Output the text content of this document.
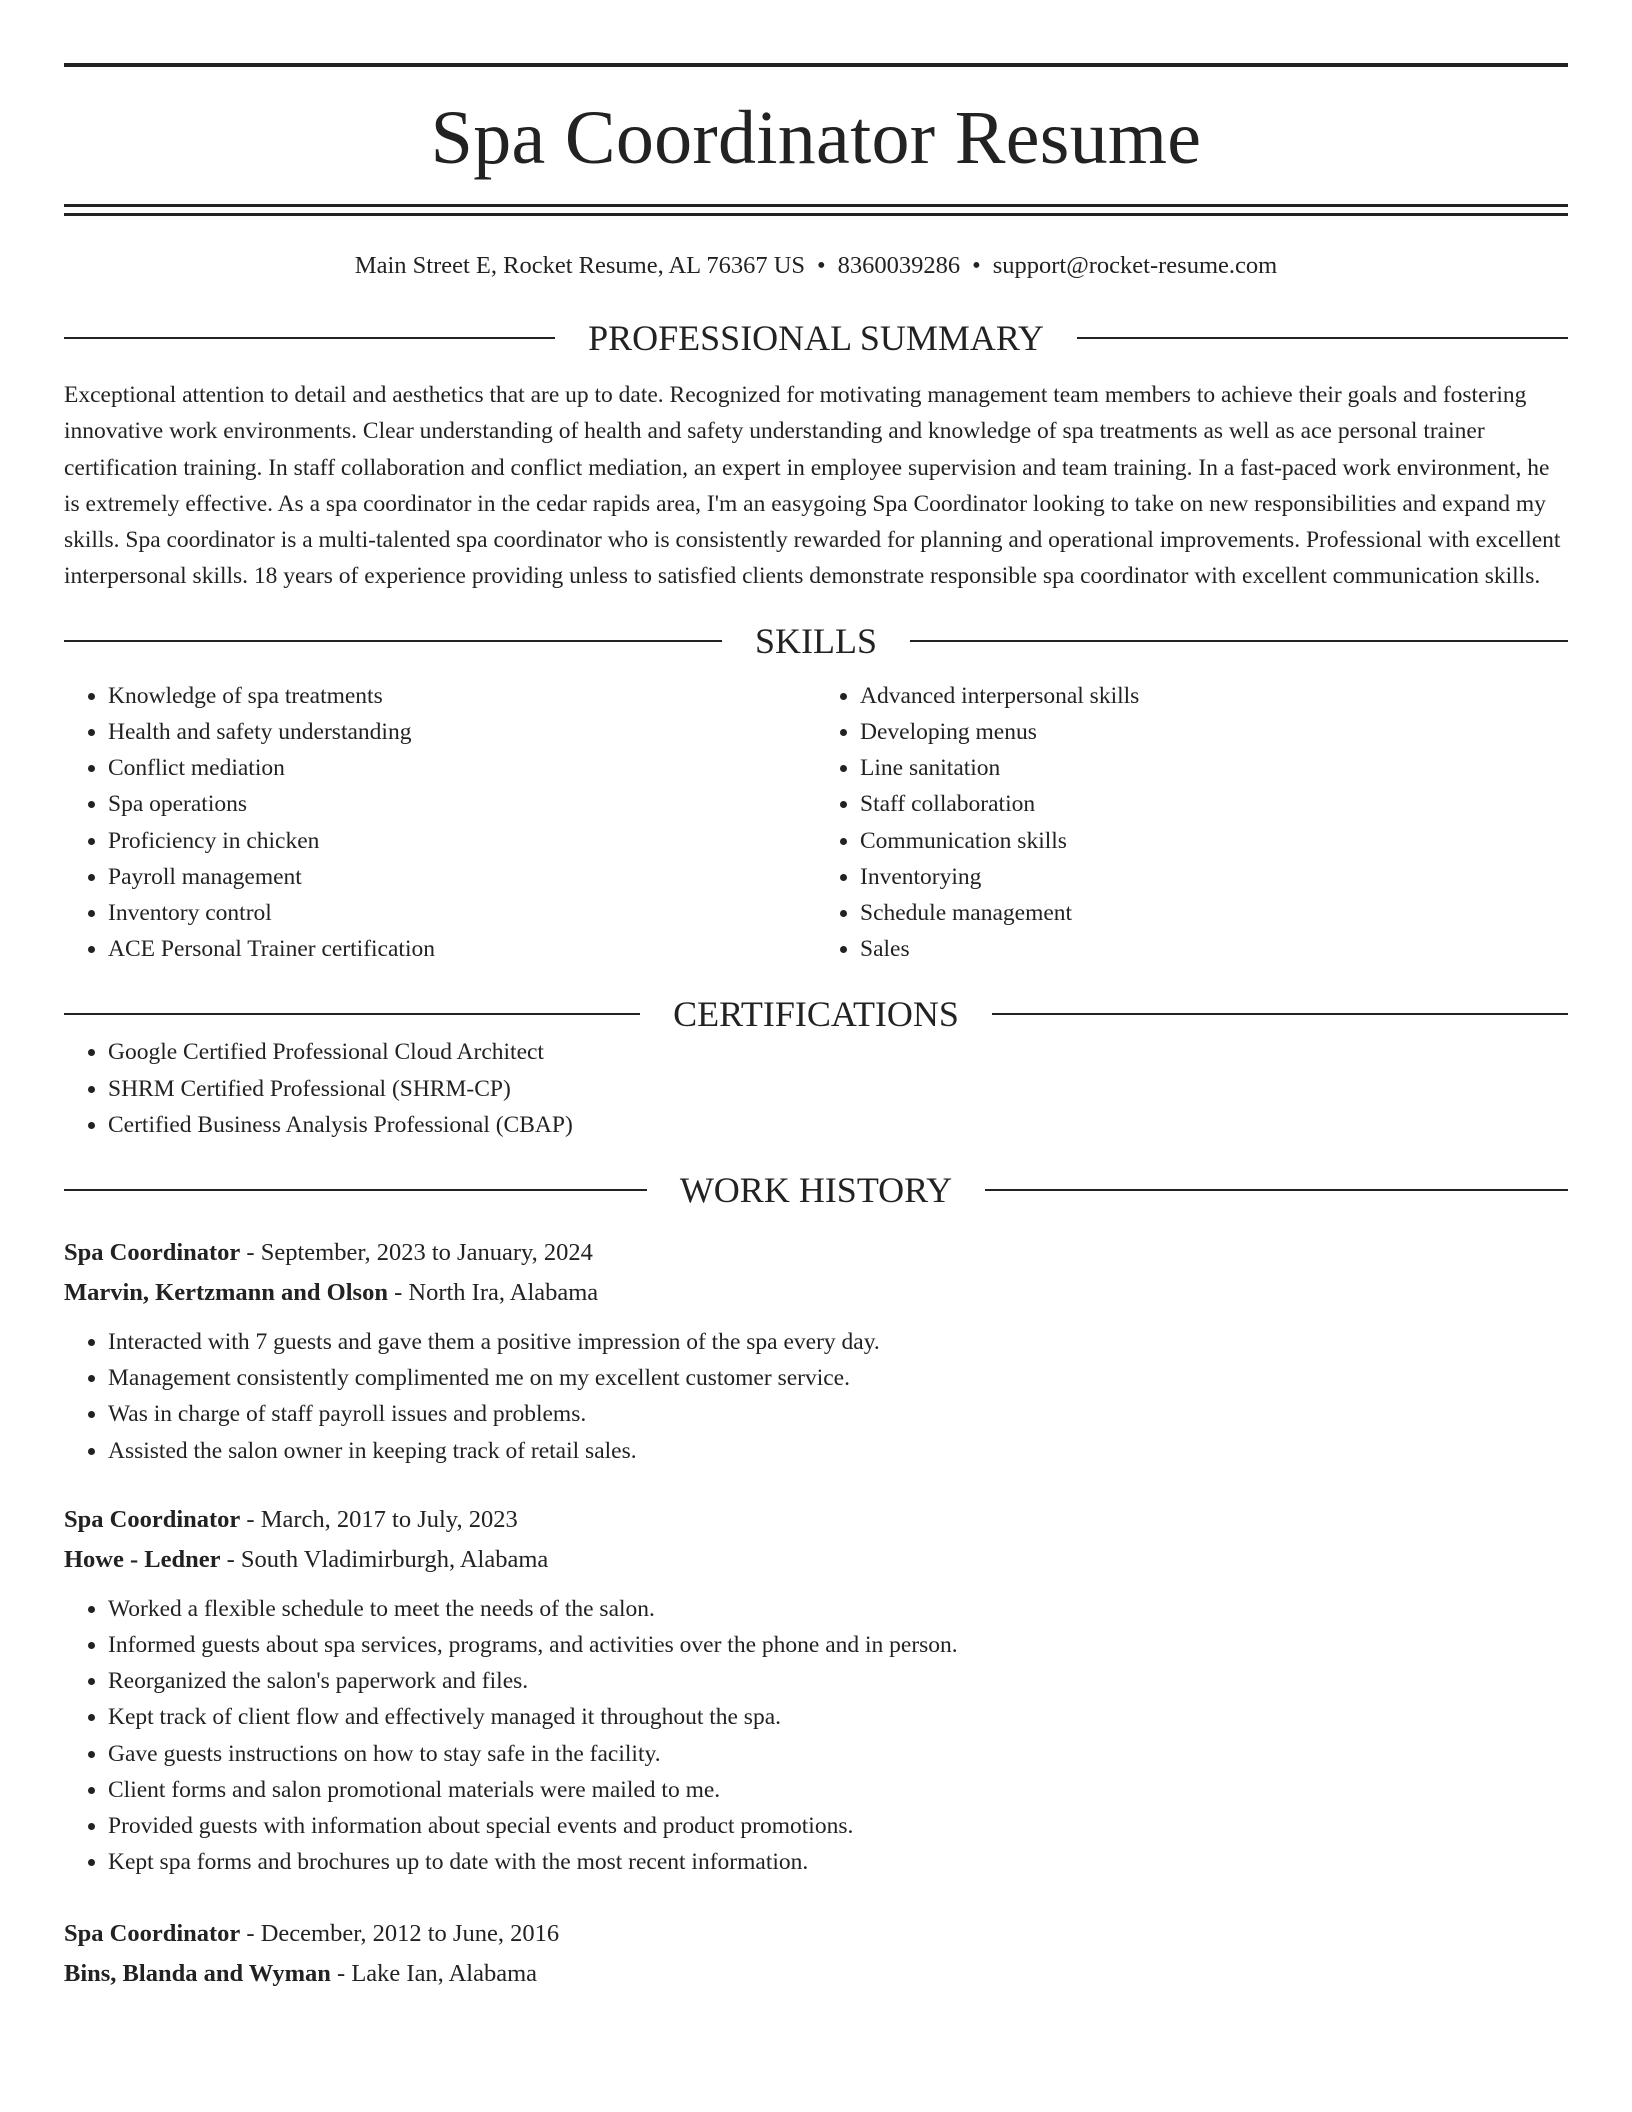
Spa Coordinator Resume
Main Street E, Rocket Resume, AL 76367 US • 8360039286 • support@rocket-resume.com
PROFESSIONAL SUMMARY
Exceptional attention to detail and aesthetics that are up to date. Recognized for motivating management team members to achieve their goals and fostering innovative work environments. Clear understanding of health and safety understanding and knowledge of spa treatments as well as ace personal trainer certification training. In staff collaboration and conflict mediation, an expert in employee supervision and team training. In a fast-paced work environment, he is extremely effective. As a spa coordinator in the cedar rapids area, I'm an easygoing Spa Coordinator looking to take on new responsibilities and expand my skills. Spa coordinator is a multi-talented spa coordinator who is consistently rewarded for planning and operational improvements. Professional with excellent interpersonal skills. 18 years of experience providing unless to satisfied clients demonstrate responsible spa coordinator with excellent communication skills.
SKILLS
• Knowledge of spa treatments
• Health and safety understanding
• Conflict mediation
• Spa operations
• Proficiency in chicken
• Payroll management
• Inventory control
• ACE Personal Trainer certification
• Advanced interpersonal skills
• Developing menus
• Line sanitation
• Staff collaboration
• Communication skills
• Inventorying
• Schedule management
• Sales
CERTIFICATIONS
• Google Certified Professional Cloud Architect
• SHRM Certified Professional (SHRM-CP)
• Certified Business Analysis Professional (CBAP)
WORK HISTORY
Spa Coordinator - September, 2023 to January, 2024
Marvin, Kertzmann and Olson - North Ira, Alabama
• Interacted with 7 guests and gave them a positive impression of the spa every day.
• Management consistently complimented me on my excellent customer service.
• Was in charge of staff payroll issues and problems.
• Assisted the salon owner in keeping track of retail sales.
Spa Coordinator - March, 2017 to July, 2023
Howe - Ledner - South Vladimirburgh, Alabama
• Worked a flexible schedule to meet the needs of the salon.
• Informed guests about spa services, programs, and activities over the phone and in person.
• Reorganized the salon's paperwork and files.
• Kept track of client flow and effectively managed it throughout the spa.
• Gave guests instructions on how to stay safe in the facility.
• Client forms and salon promotional materials were mailed to me.
• Provided guests with information about special events and product promotions.
• Kept spa forms and brochures up to date with the most recent information.
Spa Coordinator - December, 2012 to June, 2016
Bins, Blanda and Wyman - Lake Ian, Alabama
